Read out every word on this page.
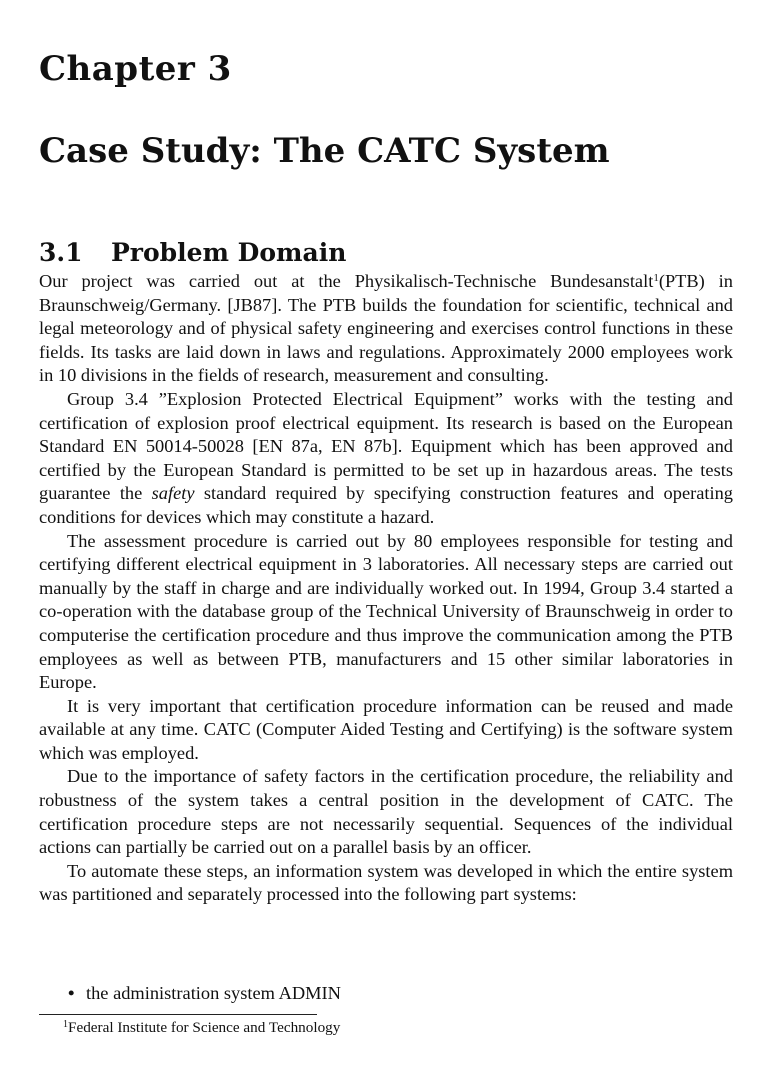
Chapter 3
Case Study: The CATC System
3.1 Problem Domain

Our project was carried out at the Physikalisch-Technische Bundesanstalt$^1$(PTB) in Braunschweig/Germany. [JB87]. The PTB builds the foundation for scientific, technical and legal meteorology and of physical safety engineering and exercises control functions in these fields. Its tasks are laid down in laws and regulations. Approximately 2000 employees work in 10 divisions in the fields of research, measurement and consulting.

Group 3.4 ”Explosion Protected Electrical Equipment” works with the testing and certification of explosion proof electrical equipment. Its research is based on the European Standard EN 50014-50028 [EN 87a, EN 87b]. Equipment which has been approved and certified by the European Standard is permitted to be set up in hazardous areas. The tests guarantee the safety standard required by specifying construction features and operating conditions for devices which may constitute a hazard.

The assessment procedure is carried out by 80 employees responsible for testing and certifying different electrical equipment in 3 laboratories. All necessary steps are carried out manually by the staff in charge and are individually worked out. In 1994, Group 3.4 started a co-operation with the database group of the Technical University of Braunschweig in order to computerise the certification procedure and thus improve the communication among the PTB employees as well as between PTB, manufacturers and 15 other similar laboratories in Europe.

It is very important that certification procedure information can be reused and made available at any time. CATC (Computer Aided Testing and Certifying) is the software system which was employed.

Due to the importance of safety factors in the certification procedure, the reliability and robustness of the system takes a central position in the development of CATC. The certification procedure steps are not necessarily sequential. Sequences of the individual actions can partially be carried out on a parallel basis by an officer.

To automate these steps, an information system was developed in which the entire system was partitioned and separately processed into the following part systems:

• the administration system ADMIN
$^1$Federal Institute for Science and Technology
